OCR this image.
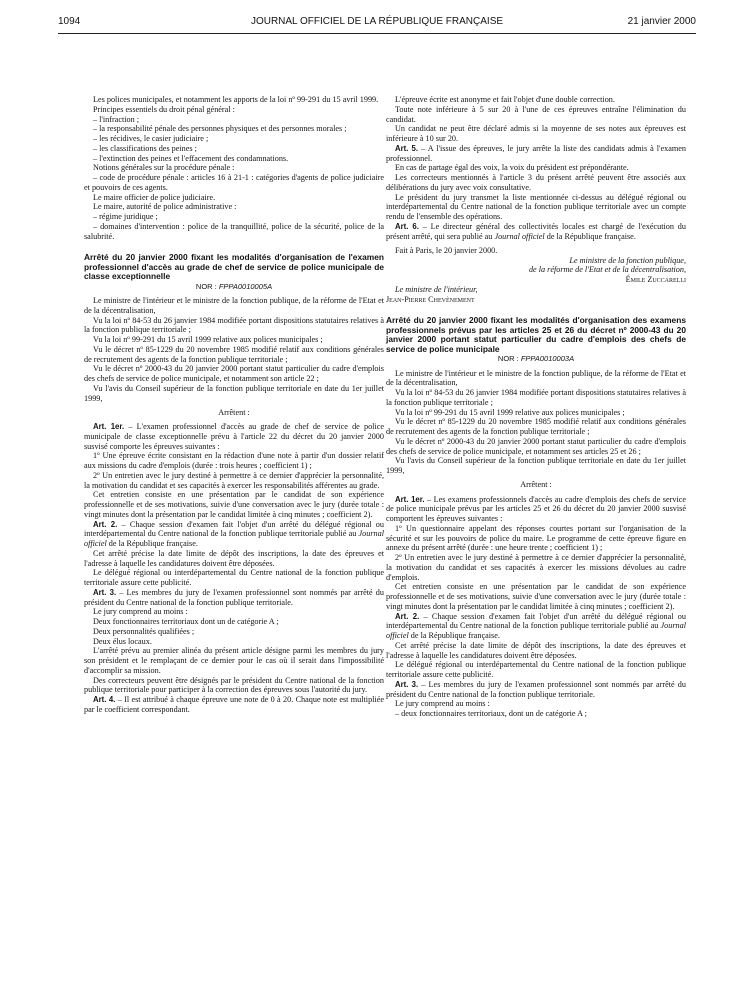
1094	JOURNAL OFFICIEL DE LA RÉPUBLIQUE FRANÇAISE	21 janvier 2000

Les polices municipales, et notamment les apports de la loi nº 99-291 du 15 avril 1999.

Principes essentiels du droit pénal général :

– l'infraction ;

– la responsabilité pénale des personnes physiques et des personnes morales ;

– les récidives, le casier judiciaire ;

– les classifications des peines ;

– l'extinction des peines et l'effacement des condamnations.

Notions générales sur la procédure pénale :

– code de procédure pénale : articles 16 à 21-1 : catégories d'agents de police judiciaire et pouvoirs de ces agents.

Le maire officier de police judiciaire.

Le maire, autorité de police administrative :

– régime juridique ;

– domaines d'intervention : police de la tranquillité, police de la sécurité, police de la salubrité.

Arrêté du 20 janvier 2000 fixant les modalités d'organisation de l'examen professionnel d'accès au grade de chef de service de police municipale de classe exceptionnelle

NOR : FPPA0010005A

Le ministre de l'intérieur et le ministre de la fonction publique, de la réforme de l'Etat et de la décentralisation,

Vu la loi nº 84-53 du 26 janvier 1984 modifiée portant dispositions statutaires relatives à la fonction publique territoriale ;

Vu la loi nº 99-291 du 15 avril 1999 relative aux polices municipales ;

Vu le décret nº 85-1229 du 20 novembre 1985 modifié relatif aux conditions générales de recrutement des agents de la fonction publique territoriale ;

Vu le décret nº 2000-43 du 20 janvier 2000 portant statut particulier du cadre d'emplois des chefs de service de police municipale, et notamment son article 22 ;

Vu l'avis du Conseil supérieur de la fonction publique territoriale en date du 1er juillet 1999,

Arrêtent :

Art. 1er. – L'examen professionnel d'accès au grade de chef de service de police municipale de classe exceptionnelle prévu à l'article 22 du décret du 20 janvier 2000 susvisé comporte les épreuves suivantes :

1º Une épreuve écrite consistant en la rédaction d'une note à partir d'un dossier relatif aux missions du cadre d'emplois (durée : trois heures ; coefficient 1) ;

2º Un entretien avec le jury destiné à permettre à ce dernier d'apprécier la personnalité, la motivation du candidat et ses capacités à exercer les responsabilités afférentes au grade.

Cet entretien consiste en une présentation par le candidat de son expérience professionnelle et de ses motivations, suivie d'une conversation avec le jury (durée totale : vingt minutes dont la présentation par le candidat limitée à cinq minutes ; coefficient 2).

Art. 2. – Chaque session d'examen fait l'objet d'un arrêté du délégué régional ou interdépartemental du Centre national de la fonction publique territoriale publié au Journal officiel de la République française.

Cet arrêté précise la date limite de dépôt des inscriptions, la date des épreuves et l'adresse à laquelle les candidatures doivent être déposées.

Le délégué régional ou interdépartemental du Centre national de la fonction publique territoriale assure cette publicité.

Art. 3. – Les membres du jury de l'examen professionnel sont nommés par arrêté du président du Centre national de la fonction publique territoriale.

Le jury comprend au moins :

Deux fonctionnaires territoriaux dont un de catégorie A ;

Deux personnalités qualifiées ;

Deux élus locaux.

L'arrêté prévu au premier alinéa du présent article désigne parmi les membres du jury son président et le remplaçant de ce dernier pour le cas où il serait dans l'impossibilité d'accomplir sa mission.

Des correcteurs peuvent être désignés par le président du Centre national de la fonction publique territoriale pour participer à la correction des épreuves sous l'autorité du jury.

Art. 4. – Il est attribué à chaque épreuve une note de 0 à 20. Chaque note est multipliée par le coefficient correspondant.

L'épreuve écrite est anonyme et fait l'objet d'une double correction.

Toute note inférieure à 5 sur 20 à l'une de ces épreuves entraîne l'élimination du candidat.

Un candidat ne peut être déclaré admis si la moyenne de ses notes aux épreuves est inférieure à 10 sur 20.

Art. 5. – A l'issue des épreuves, le jury arrête la liste des candidats admis à l'examen professionnel.

En cas de partage égal des voix, la voix du président est prépondérante.

Les correcteurs mentionnés à l'article 3 du présent arrêté peuvent être associés aux délibérations du jury avec voix consultative.

Le président du jury transmet la liste mentionnée ci-dessus au délégué régional ou interdépartemental du Centre national de la fonction publique territoriale avec un compte rendu de l'ensemble des opérations.

Art. 6. – Le directeur général des collectivités locales est chargé de l'exécution du présent arrêté, qui sera publié au Journal officiel de la République française.

Fait à Paris, le 20 janvier 2000.

Le ministre de la fonction publique,

de la réforme de l'Etat et de la décentralisation,

Émile Zuccarelli

Le ministre de l'intérieur,

Jean-Pierre Chevènement

Arrêté du 20 janvier 2000 fixant les modalités d'organisation des examens professionnels prévus par les articles 25 et 26 du décret nº 2000-43 du 20 janvier 2000 portant statut particulier du cadre d'emplois des chefs de service de police municipale

NOR : FPPA0010003A

Le ministre de l'intérieur et le ministre de la fonction publique, de la réforme de l'Etat et de la décentralisation,

Vu la loi nº 84-53 du 26 janvier 1984 modifiée portant dispositions statutaires relatives à la fonction publique territoriale ;

Vu la loi nº 99-291 du 15 avril 1999 relative aux polices municipales ;

Vu le décret nº 85-1229 du 20 novembre 1985 modifié relatif aux conditions générales de recrutement des agents de la fonction publique territoriale ;

Vu le décret nº 2000-43 du 20 janvier 2000 portant statut particulier du cadre d'emplois des chefs de service de police municipale, et notamment ses articles 25 et 26 ;

Vu l'avis du Conseil supérieur de la fonction publique territoriale en date du 1er juillet 1999,

Arrêtent :

Art. 1er. – Les examens professionnels d'accès au cadre d'emplois des chefs de service de police municipale prévus par les articles 25 et 26 du décret du 20 janvier 2000 susvisé comportent les épreuves suivantes :

1º Un questionnaire appelant des réponses courtes portant sur l'organisation de la sécurité et sur les pouvoirs de police du maire. Le programme de cette épreuve figure en annexe du présent arrêté (durée : une heure trente ; coefficient 1) ;

2º Un entretien avec le jury destiné à permettre à ce dernier d'apprécier la personnalité, la motivation du candidat et ses capacités à exercer les missions dévolues au cadre d'emplois.

Cet entretien consiste en une présentation par le candidat de son expérience professionnelle et de ses motivations, suivie d'une conversation avec le jury (durée totale : vingt minutes dont la présentation par le candidat limitée à cinq minutes ; coefficient 2).

Art. 2. – Chaque session d'examen fait l'objet d'un arrêté du délégué régional ou interdépartemental du Centre national de la fonction publique territoriale publié au Journal officiel de la République française.

Cet arrêté précise la date limite de dépôt des inscriptions, la date des épreuves et l'adresse à laquelle les candidatures doivent être déposées.

Le délégué régional ou interdépartemental du Centre national de la fonction publique territoriale assure cette publicité.

Art. 3. – Les membres du jury de l'examen professionnel sont nommés par arrêté du président du Centre national de la fonction publique territoriale.

Le jury comprend au moins :

– deux fonctionnaires territoriaux, dont un de catégorie A ;
